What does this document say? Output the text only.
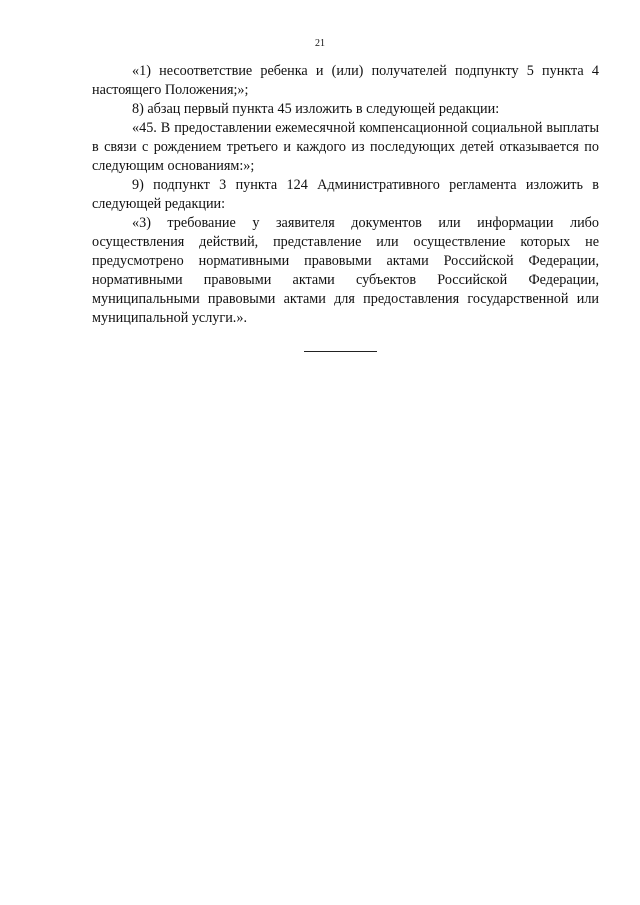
21

«1) несоответствие ребенка и (или) получателей подпункту 5 пункта 4 настоящего Положения;»;

8) абзац первый пункта 45 изложить в следующей редакции:

«45. В предоставлении ежемесячной компенсационной социальной выплаты в связи с рождением третьего и каждого из последующих детей отказывается по следующим основаниям:»;

9) подпункт 3 пункта 124 Административного регламента изложить в следующей редакции:

«3) требование у заявителя документов или информации либо осуществления действий, представление или осуществление которых не предусмотрено нормативными правовыми актами Российской Федерации, нормативными правовыми актами субъектов Российской Федерации, муниципальными правовыми актами для предоставления государственной или муниципальной услуги.».
